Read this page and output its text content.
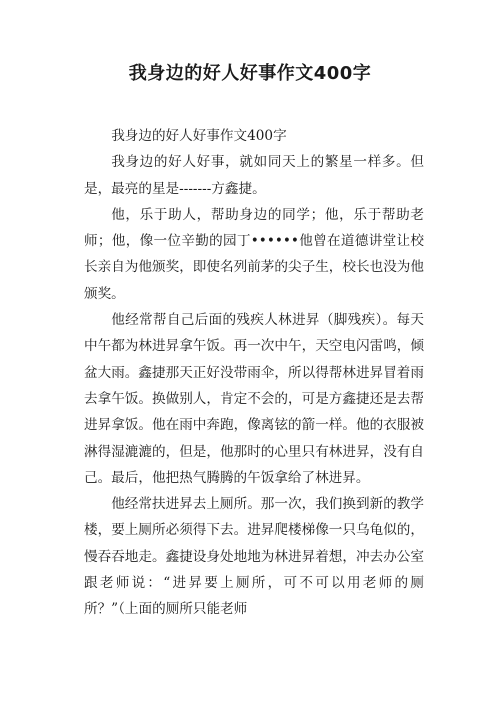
我身边的好人好事作文400字

我身边的好人好事作文400字

我身边的好人好事，就如同天上的繁星一样多。但是，最亮的星是-------方鑫捷。

他，乐于助人，帮助身边的同学；他，乐于帮助老师；他，像一位辛勤的园丁••••••他曾在道德讲堂让校长亲自为他颁奖，即使名列前茅的尖子生，校长也没为他颁奖。

他经常帮自己后面的残疾人林进昇（脚残疾）。每天中午都为林进昇拿午饭。再一次中午，天空电闪雷鸣，倾盆大雨。鑫捷那天正好没带雨伞，所以得帮林进昇冒着雨去拿午饭。换做别人，肯定不会的，可是方鑫捷还是去帮进昇拿饭。他在雨中奔跑，像离铉的箭一样。他的衣服被淋得湿漉漉的，但是，他那时的心里只有林进昇，没有自己。最后，他把热气腾腾的午饭拿给了林进昇。

他经常扶进昇去上厕所。那一次，我们换到新的教学楼，要上厕所必须得下去。进昇爬楼梯像一只乌龟似的，慢吞吞地走。鑫捷设身处地地为林进昇着想，冲去办公室跟老师说：“进昇要上厕所，可不可以用老师的厕所？”（上面的厕所只能老师
